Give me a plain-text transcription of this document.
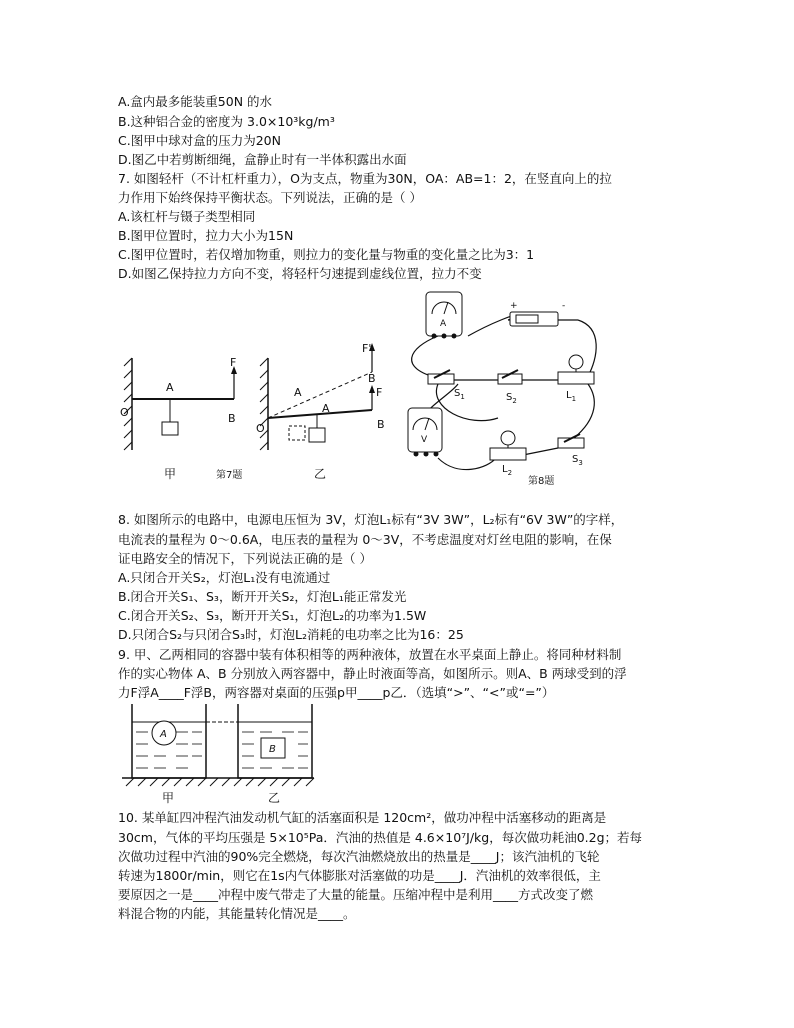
A.盒内最多能装重50N 的水
B.这种铝合金的密度为 3.0×10³kg/m³
C.图甲中球对盒的压力为20N
D.图乙中若剪断细绳，盒静止时有一半体积露出水面
7. 如图轻杆（不计杠杆重力），O为支点，物重为30N，OA：AB=1：2，在竖直向上的拉
力作用下始终保持平衡状态。下列说法，正确的是（ ）
A.该杠杆与镊子类型相同
B.图甲位置时，拉力大小为15N
C.图甲位置时，若仅增加物重，则拉力的变化量与物重的变化量之比为3：1
D.如图乙保持拉力方向不变，将轻杆匀速提到虚线位置，拉力不变
O
A
B
F
甲	第7题
O
A
A
B
B
F'
F
乙
A
+	-
$S_1$	$S_2$	$L_1$
V
$L_2$
$S_3$
第8题
8. 如图所示的电路中，电源电压恒为 3V，灯泡L₁标有“3V 3W”，L₂标有“6V 3W”的字样，
电流表的量程为 0～0.6A，电压表的量程为 0～3V，不考虑温度对灯丝电阻的影响，在保
证电路安全的情况下，下列说法正确的是（ ）
A.只闭合开关S₂，灯泡L₁没有电流通过
B.闭合开关S₁、S₃，断开开关S₂，灯泡L₁能正常发光
C.闭合开关S₂、S₃，断开开关S₁，灯泡L₂的功率为1.5W
D.只闭合S₂与只闭合S₃时，灯泡L₂消耗的电功率之比为16：25
9. 甲、乙两相同的容器中装有体积相等的两种液体，放置在水平桌面上静止。将同种材料制
作的实心物体 A、B 分别放入两容器中，静止时液面等高，如图所示。则A、B 两球受到的浮
力F浮A____F浮B，两容器对桌面的压强p甲____p乙．（选填“>”、“<”或“=”）
A
B
甲	乙
10. 某单缸四冲程汽油发动机气缸的活塞面积是 120cm²，做功冲程中活塞移动的距离是
30cm，气体的平均压强是 5×10⁵Pa．汽油的热值是 4.6×10⁷J/kg，每次做功耗油0.2g；若每
次做功过程中汽油的90%完全燃烧，每次汽油燃烧放出的热量是____J；该汽油机的飞轮
转速为1800r/min，则它在1s内气体膨胀对活塞做的功是____J．汽油机的效率很低，主
要原因之一是____冲程中废气带走了大量的能量。压缩冲程中是利用____方式改变了燃
料混合物的内能，其能量转化情况是____。
